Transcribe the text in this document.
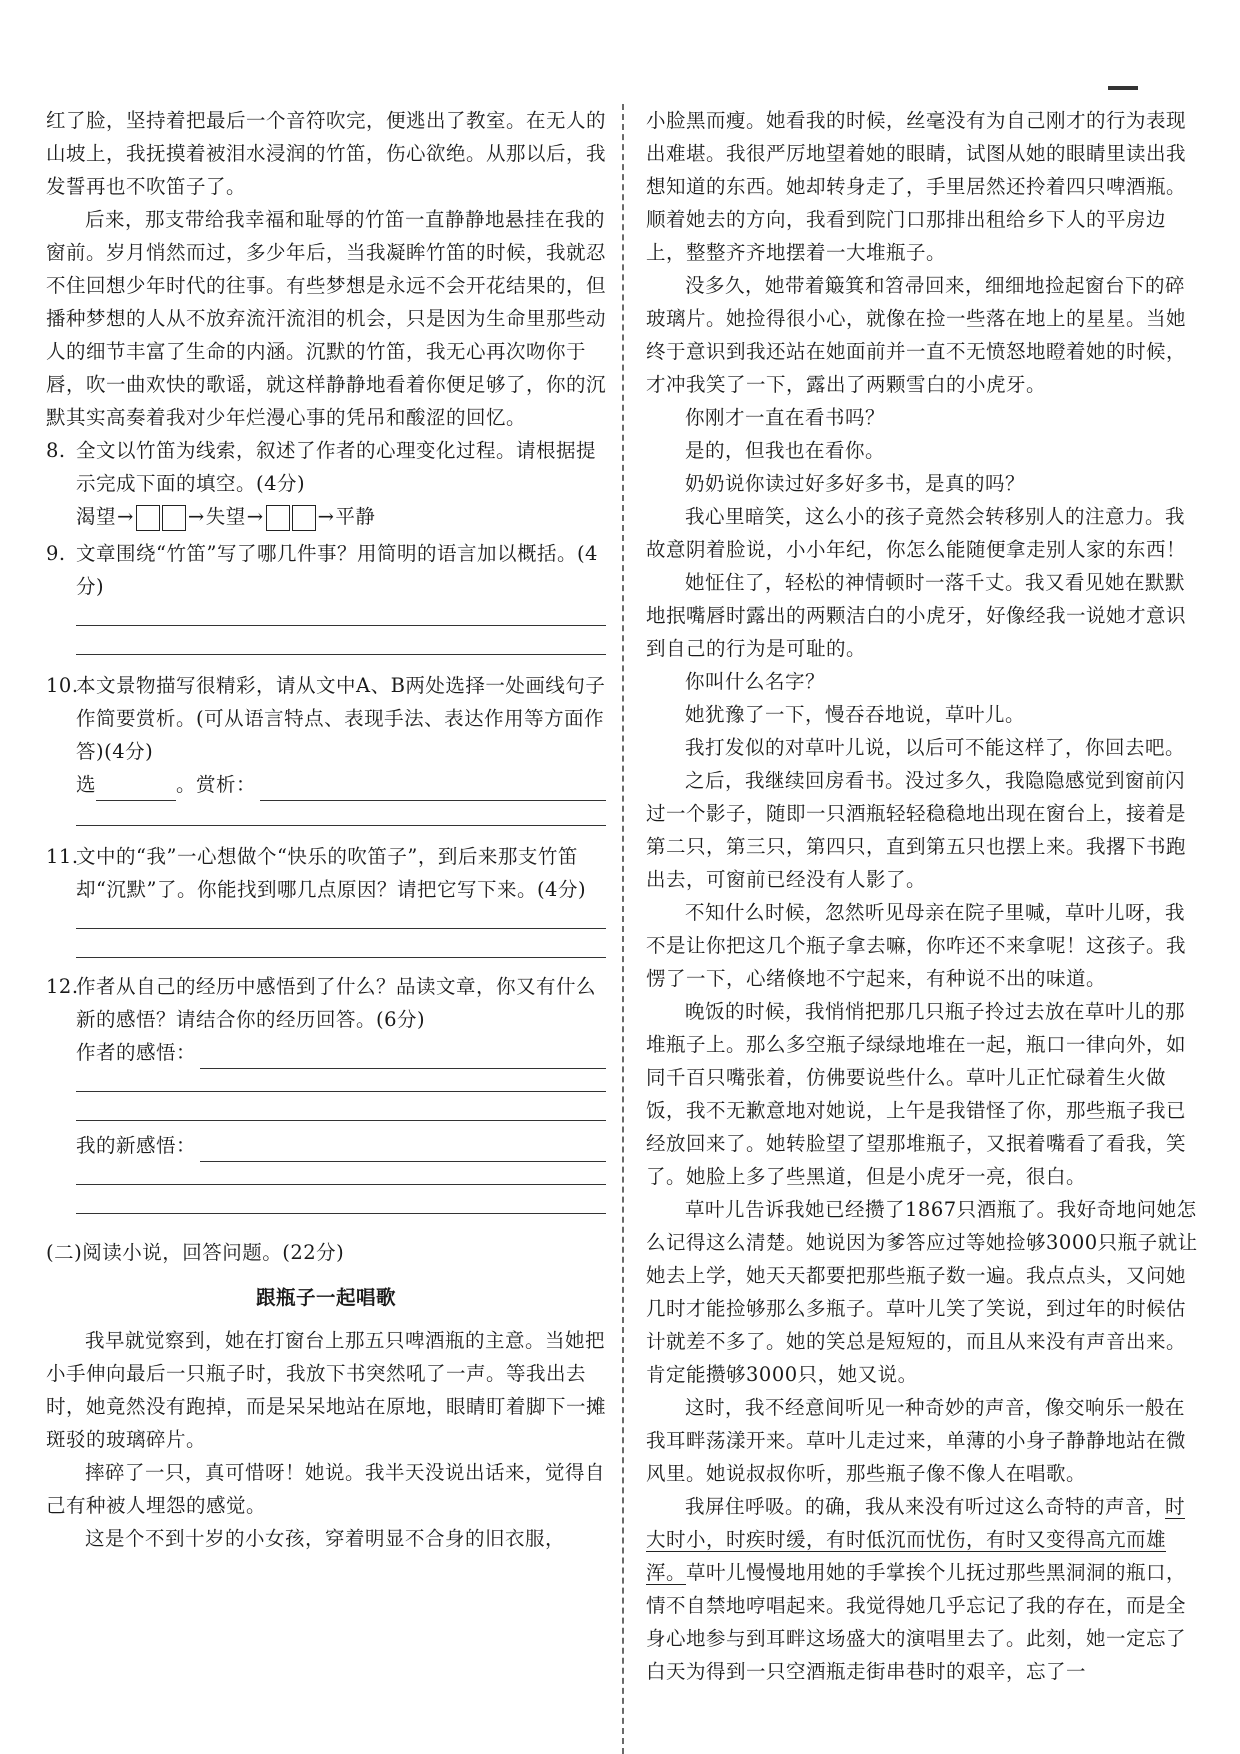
红了脸，坚持着把最后一个音符吹完，便逃出了教室。在无人的山坡上，我抚摸着被泪水浸润的竹笛，伤心欲绝。从那以后，我发誓再也不吹笛子了。

后来，那支带给我幸福和耻辱的竹笛一直静静地悬挂在我的窗前。岁月悄然而过，多少年后，当我凝眸竹笛的时候，我就忍不住回想少年时代的往事。有些梦想是永远不会开花结果的，但播种梦想的人从不放弃流汗流泪的机会，只是因为生命里那些动人的细节丰富了生命的内涵。沉默的竹笛，我无心再次吻你于唇，吹一曲欢快的歌谣，就这样静静地看着你便足够了，你的沉默其实高奏着我对少年烂漫心事的凭吊和酸涩的回忆。

8. 全文以竹笛为线索，叙述了作者的心理变化过程。请根据提示完成下面的填空。(4分)

渴望→	→失望→	→平静

9. 文章围绕“竹笛”写了哪几件事？用简明的语言加以概括。(4分)

10.本文景物描写很精彩，请从文中A、B两处选择一处画线句子作简要赏析。(可从语言特点、表现手法、表达作用等方面作答)(4分)

选	。赏析：

11.文中的“我”一心想做个“快乐的吹笛子”，到后来那支竹笛却“沉默”了。你能找到哪几点原因？请把它写下来。(4分)

12.作者从自己的经历中感悟到了什么？品读文章，你又有什么新的感悟？请结合你的经历回答。(6分)

作者的感悟：

我的新感悟：

(二)阅读小说，回答问题。(22分)

跟瓶子一起唱歌

我早就觉察到，她在打窗台上那五只啤酒瓶的主意。当她把小手伸向最后一只瓶子时，我放下书突然吼了一声。等我出去时，她竟然没有跑掉，而是呆呆地站在原地，眼睛盯着脚下一摊斑驳的玻璃碎片。

摔碎了一只，真可惜呀！她说。我半天没说出话来，觉得自己有种被人埋怨的感觉。

这是个不到十岁的小女孩，穿着明显不合身的旧衣服，

小脸黑而瘦。她看我的时候，丝毫没有为自己刚才的行为表现出难堪。我很严厉地望着她的眼睛，试图从她的眼睛里读出我想知道的东西。她却转身走了，手里居然还拎着四只啤酒瓶。顺着她去的方向，我看到院门口那排出租给乡下人的平房边上，整整齐齐地摆着一大堆瓶子。

没多久，她带着簸箕和笤帚回来，细细地捡起窗台下的碎玻璃片。她捡得很小心，就像在捡一些落在地上的星星。当她终于意识到我还站在她面前并一直不无愤怒地瞪着她的时候，才冲我笑了一下，露出了两颗雪白的小虎牙。

你刚才一直在看书吗？

是的，但我也在看你。

奶奶说你读过好多好多书，是真的吗？

我心里暗笑，这么小的孩子竟然会转移别人的注意力。我故意阴着脸说，小小年纪，你怎么能随便拿走别人家的东西！

她怔住了，轻松的神情顿时一落千丈。我又看见她在默默地抿嘴唇时露出的两颗洁白的小虎牙，好像经我一说她才意识到自己的行为是可耻的。

你叫什么名字？

她犹豫了一下，慢吞吞地说，草叶儿。

我打发似的对草叶儿说，以后可不能这样了，你回去吧。

之后，我继续回房看书。没过多久，我隐隐感觉到窗前闪过一个影子，随即一只酒瓶轻轻稳稳地出现在窗台上，接着是第二只，第三只，第四只，直到第五只也摆上来。我撂下书跑出去，可窗前已经没有人影了。

不知什么时候，忽然听见母亲在院子里喊，草叶儿呀，我不是让你把这几个瓶子拿去嘛，你咋还不来拿呢！这孩子。我愣了一下，心绪倏地不宁起来，有种说不出的味道。

晚饭的时候，我悄悄把那几只瓶子拎过去放在草叶儿的那堆瓶子上。那么多空瓶子绿绿地堆在一起，瓶口一律向外，如同千百只嘴张着，仿佛要说些什么。草叶儿正忙碌着生火做饭，我不无歉意地对她说，上午是我错怪了你，那些瓶子我已经放回来了。她转脸望了望那堆瓶子，又抿着嘴看了看我，笑了。她脸上多了些黑道，但是小虎牙一亮，很白。

草叶儿告诉我她已经攒了1867只酒瓶了。我好奇地问她怎么记得这么清楚。她说因为爹答应过等她捡够3000只瓶子就让她去上学，她天天都要把那些瓶子数一遍。我点点头，又问她几时才能捡够那么多瓶子。草叶儿笑了笑说，到过年的时候估计就差不多了。她的笑总是短短的，而且从来没有声音出来。肯定能攒够3000只，她又说。

这时，我不经意间听见一种奇妙的声音，像交响乐一般在我耳畔荡漾开来。草叶儿走过来，单薄的小身子静静地站在微风里。她说叔叔你听，那些瓶子像不像人在唱歌。

我屏住呼吸。的确，我从来没有听过这么奇特的声音，时大时小，时疾时缓，有时低沉而忧伤，有时又变得高亢而雄浑。草叶儿慢慢地用她的手掌挨个儿抚过那些黑洞洞的瓶口，情不自禁地哼唱起来。我觉得她几乎忘记了我的存在，而是全身心地参与到耳畔这场盛大的演唱里去了。此刻，她一定忘了白天为得到一只空酒瓶走街串巷时的艰辛，忘了一
